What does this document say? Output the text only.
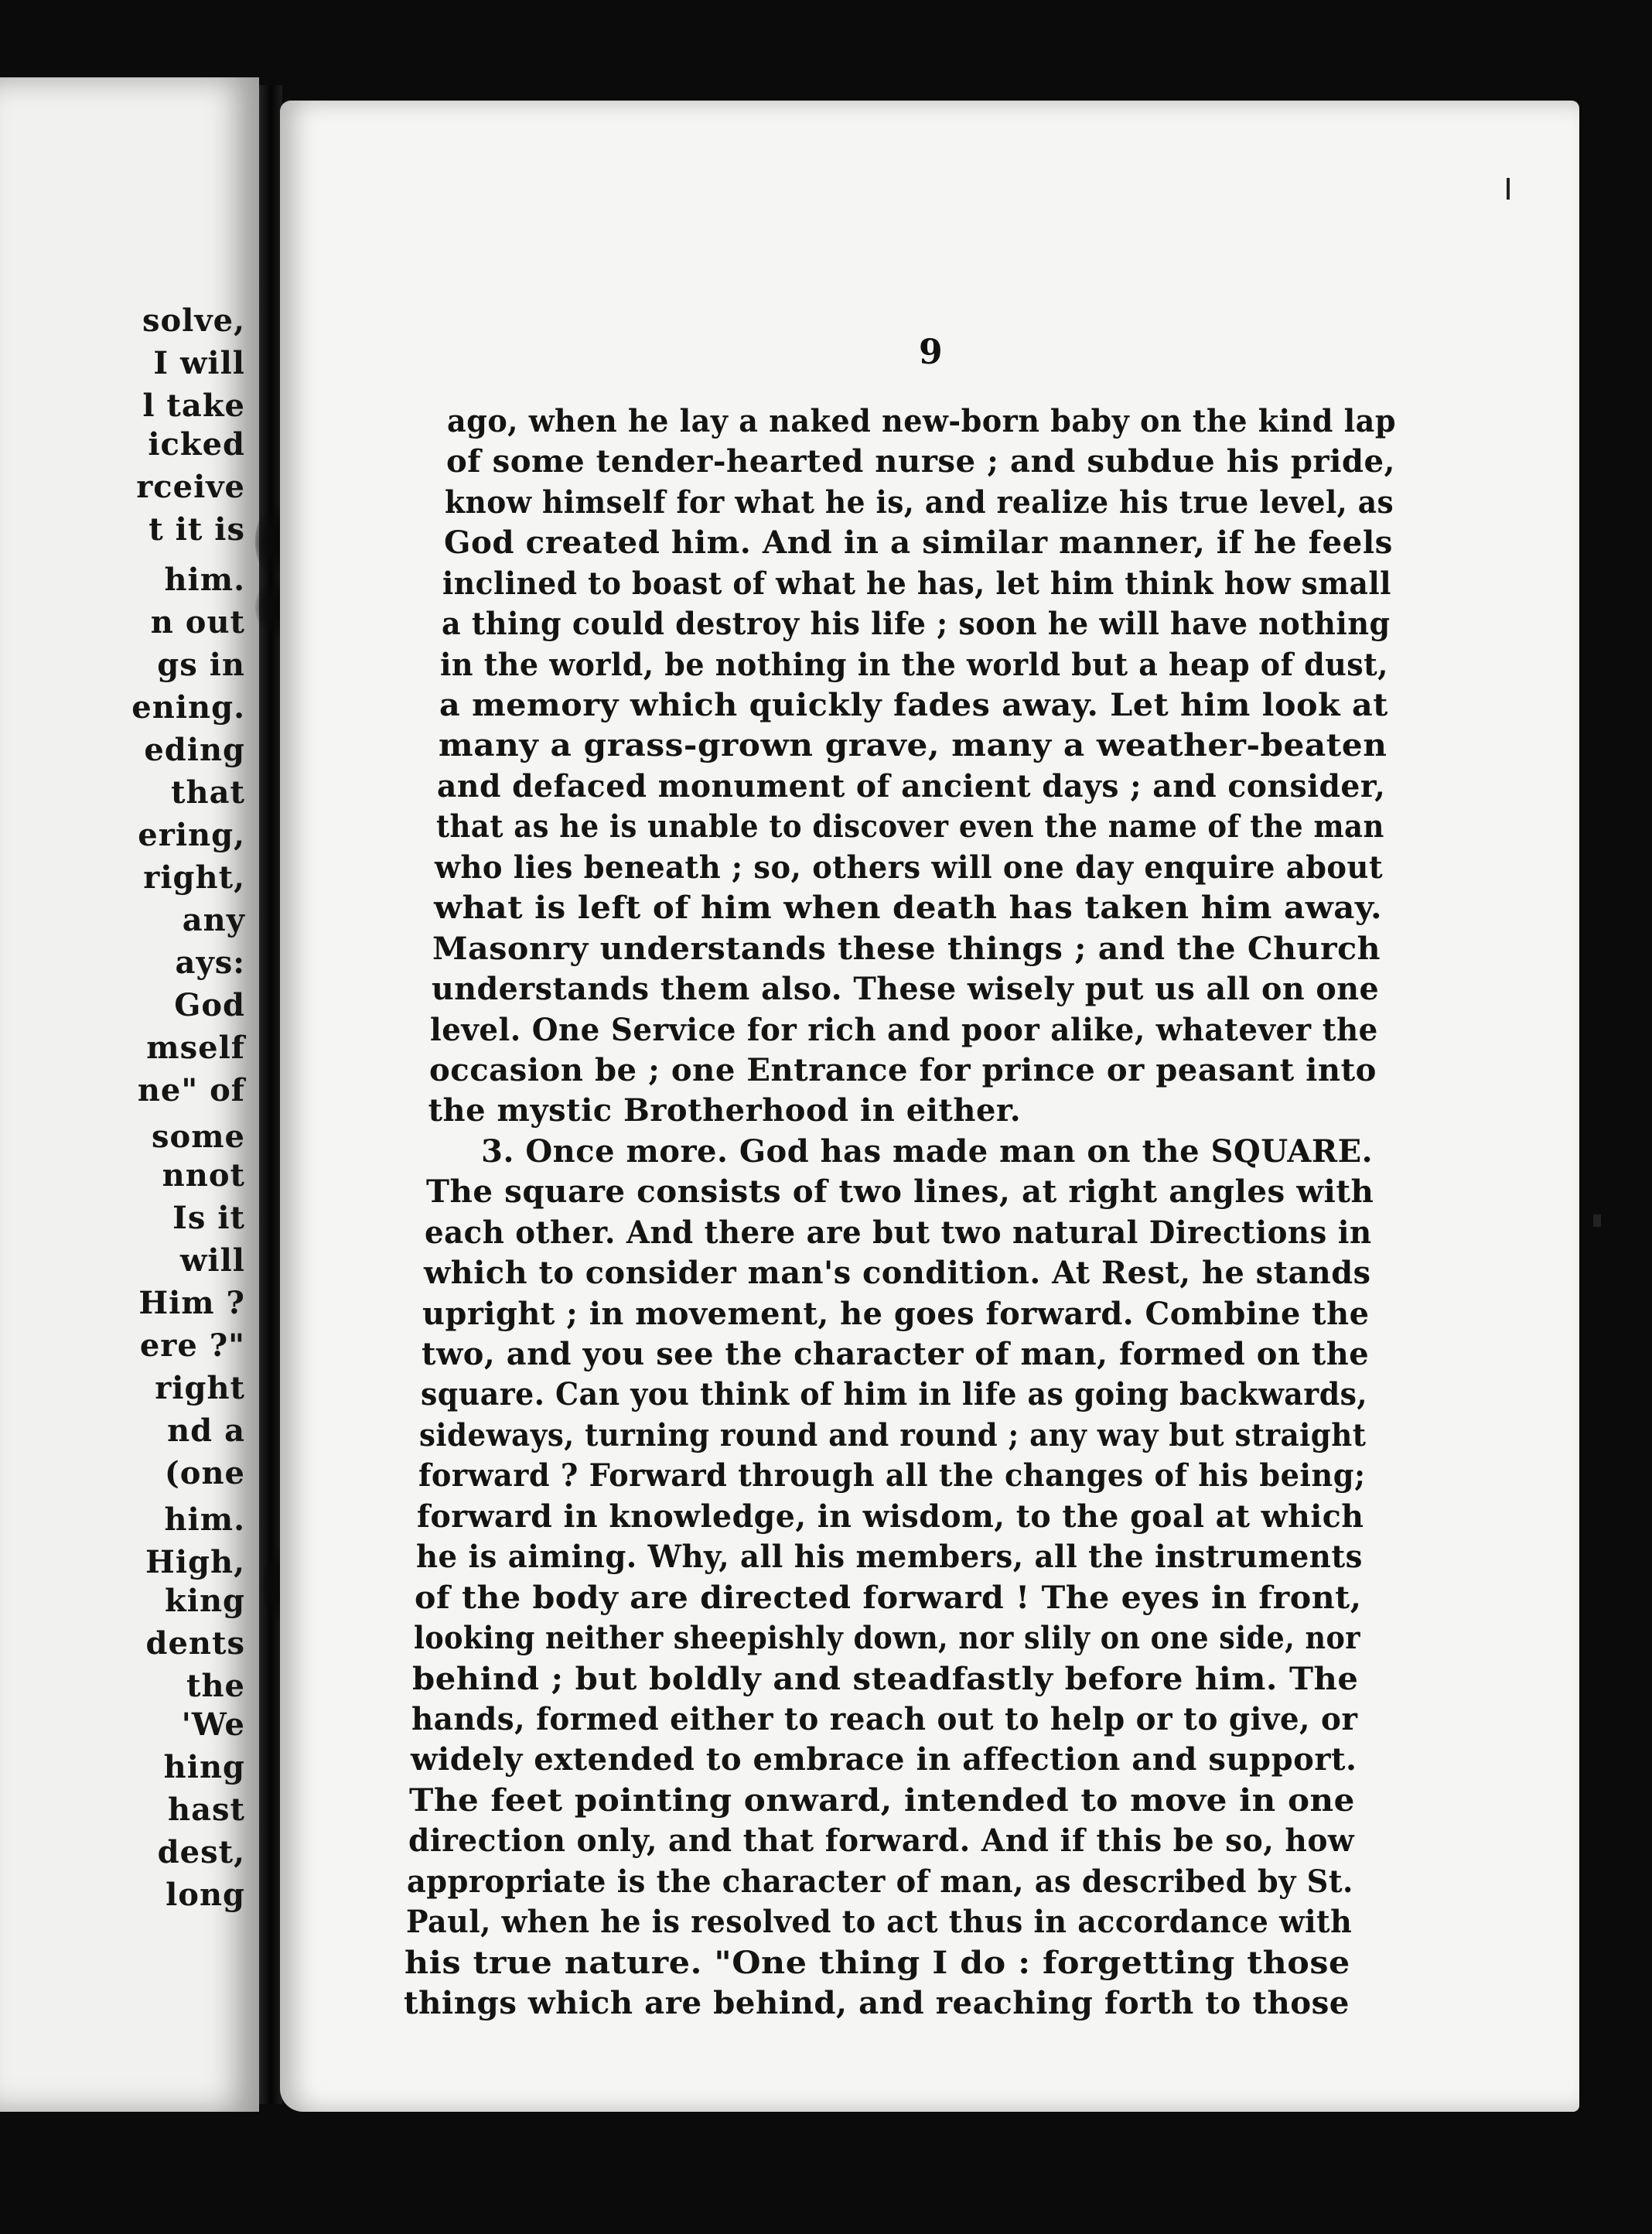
solve,
I will
l take
icked
rceive
t it is
him.
n out
gs in
ening.
eding
that
ering,
right,
any
ays:
God
mself
ne" of
some
nnot
Is it
will
Him ?
ere ?"
right
nd a
(one
him.
High,
king
dents
the
'We
hing
hast
dest,
long
9
ago, when he lay a naked new-born baby on the kind lap
of some tender-hearted nurse ; and subdue his pride,
know himself for what he is, and realize his true level, as
God created him. And in a similar manner, if he feels
inclined to boast of what he has, let him think how small
a thing could destroy his life ; soon he will have nothing
in the world, be nothing in the world but a heap of dust,
a memory which quickly fades away. Let him look at
many a grass-grown grave, many a weather-beaten
and defaced monument of ancient days ; and consider,
that as he is unable to discover even the name of the man
who lies beneath ; so, others will one day enquire about
what is left of him when death has taken him away.
Masonry understands these things ; and the Church
understands them also. These wisely put us all on one
level. One Service for rich and poor alike, whatever the
occasion be ; one Entrance for prince or peasant into
the mystic Brotherhood in either.
3. Once more. God has made man on the SQUARE.
The square consists of two lines, at right angles with
each other. And there are but two natural Directions in
which to consider man's condition. At Rest, he stands
upright ; in movement, he goes forward. Combine the
two, and you see the character of man, formed on the
square. Can you think of him in life as going backwards,
sideways, turning round and round ; any way but straight
forward ? Forward through all the changes of his being;
forward in knowledge, in wisdom, to the goal at which
he is aiming. Why, all his members, all the instruments
of the body are directed forward ! The eyes in front,
looking neither sheepishly down, nor slily on one side, nor
behind ; but boldly and steadfastly before him. The
hands, formed either to reach out to help or to give, or
widely extended to embrace in affection and support.
The feet pointing onward, intended to move in one
direction only, and that forward. And if this be so, how
appropriate is the character of man, as described by St.
Paul, when he is resolved to act thus in accordance with
his true nature. "One thing I do : forgetting those
things which are behind, and reaching forth to those
